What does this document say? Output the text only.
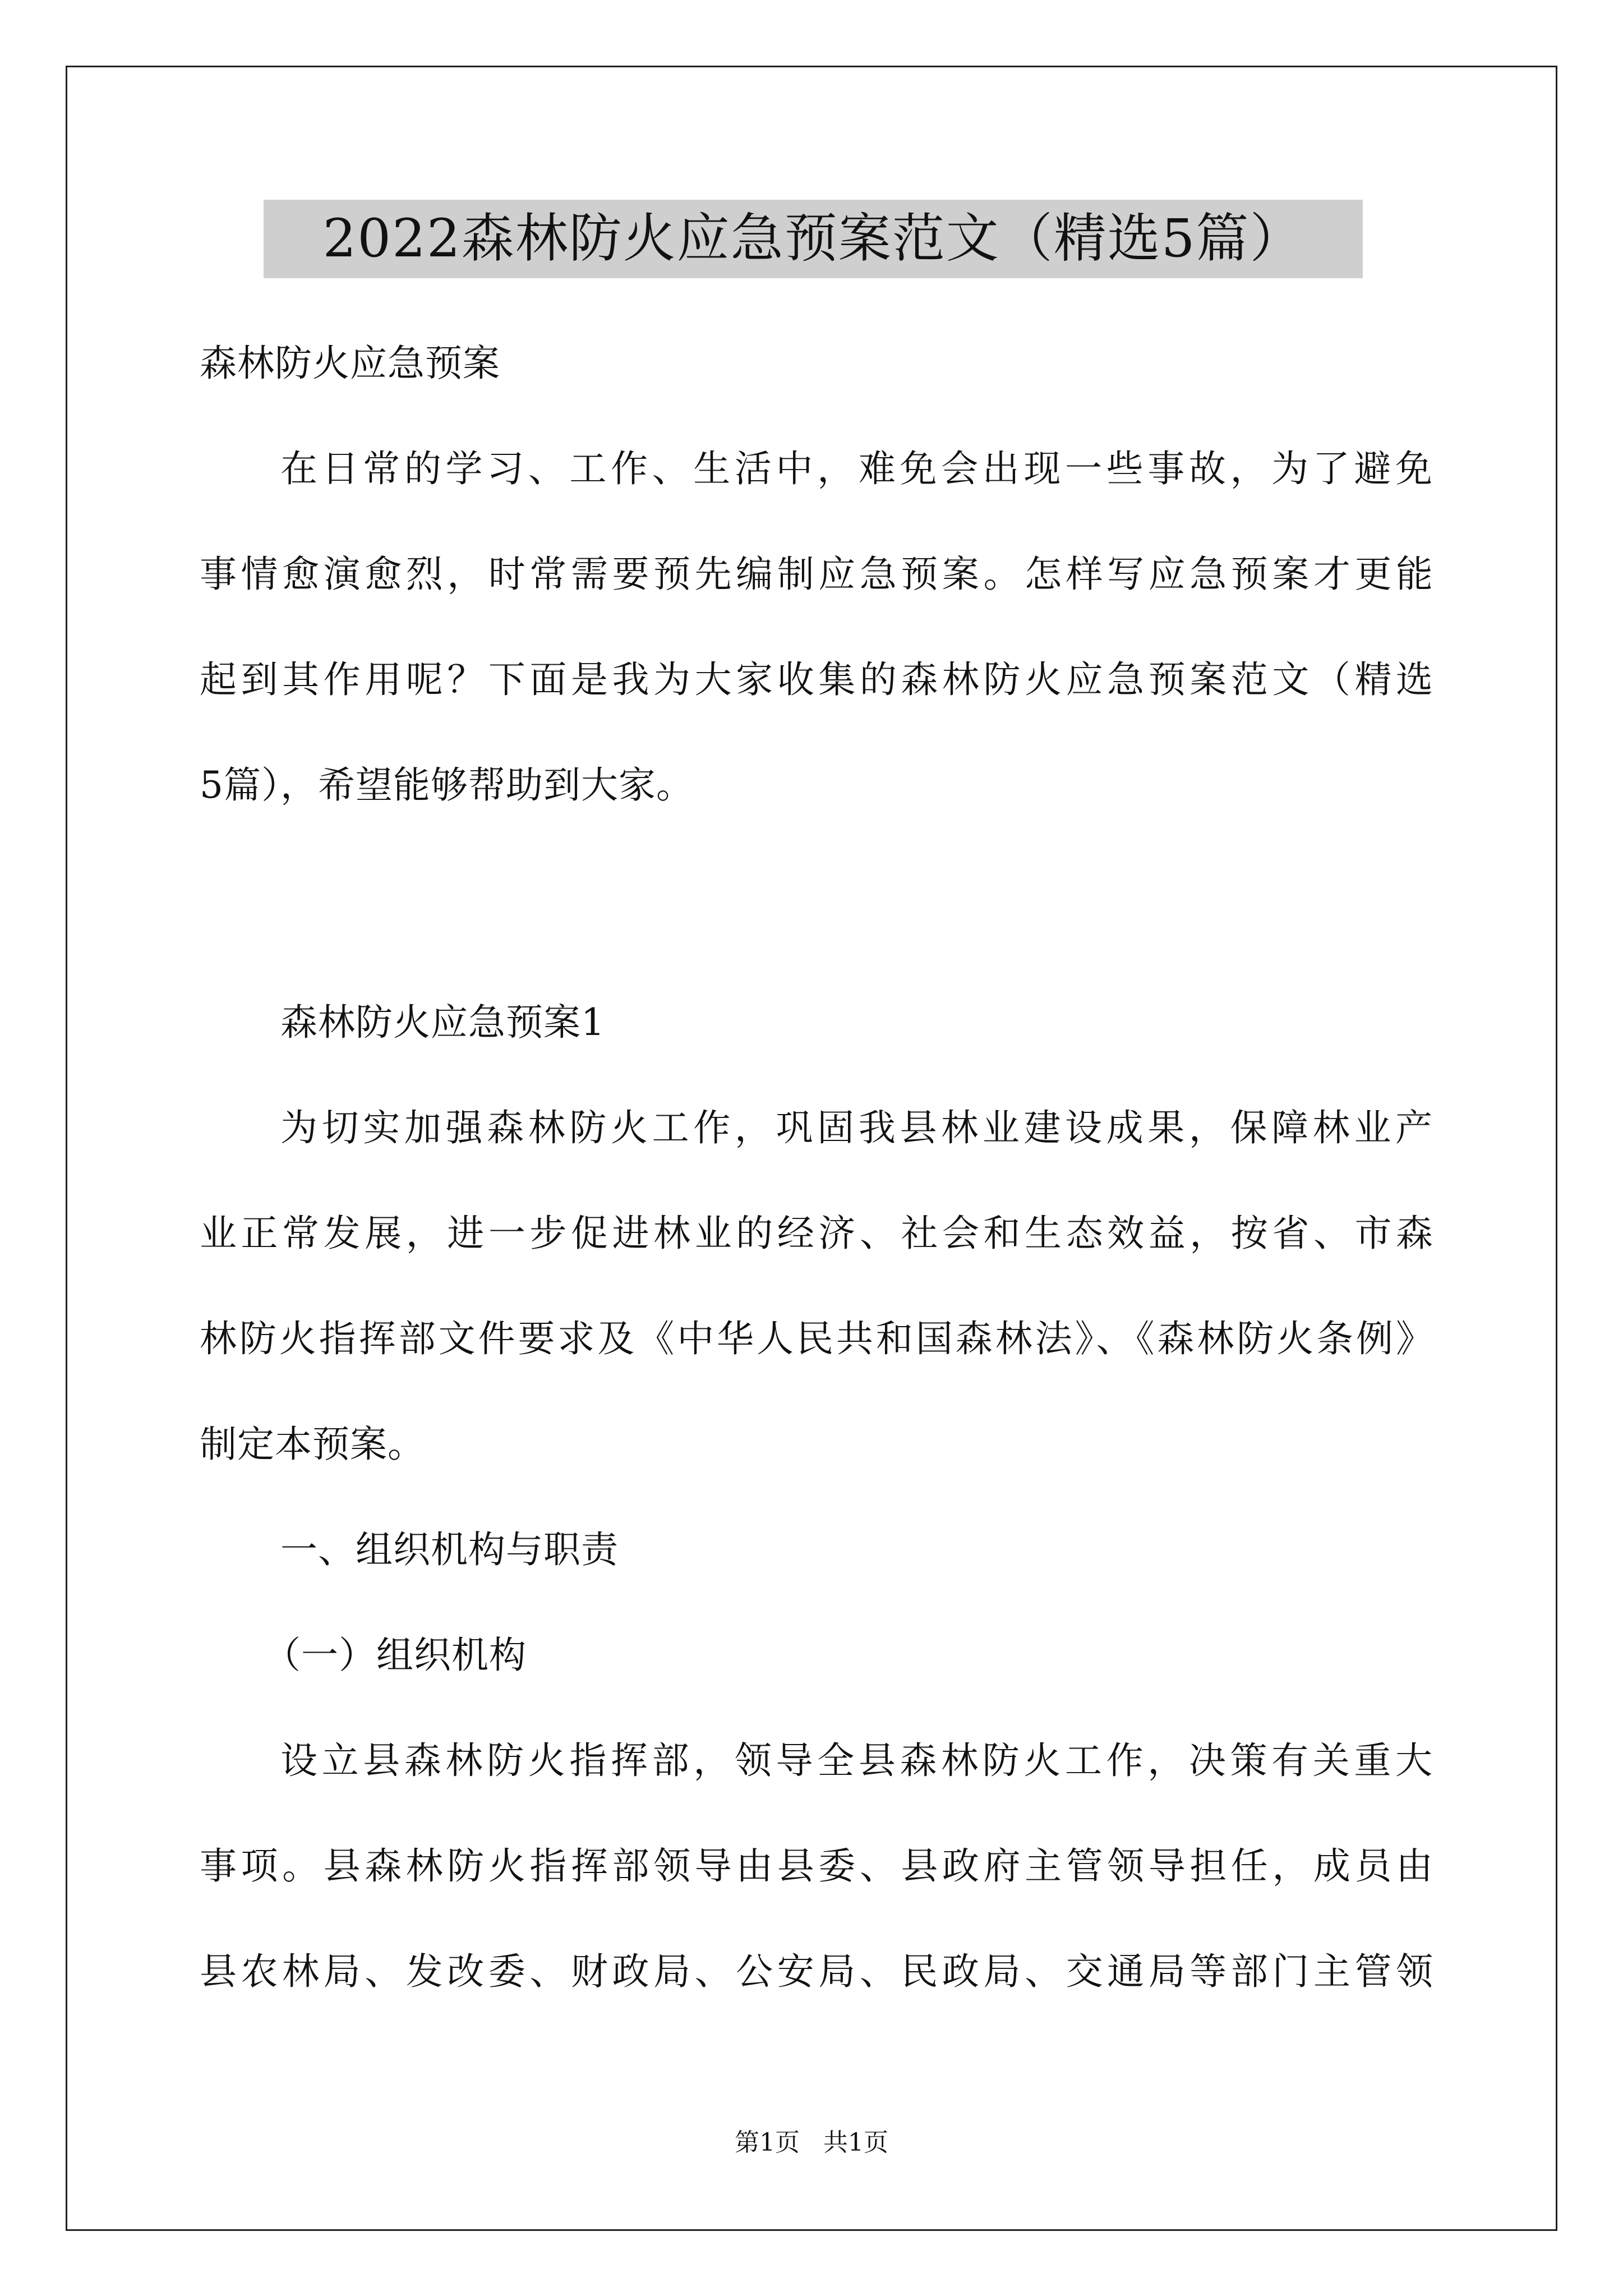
2022森林防火应急预案范文（精选5篇）
森林防火应急预案
在日常的学习、工作、生活中，难免会出现一些事故，为了避免
事情愈演愈烈，时常需要预先编制应急预案。怎样写应急预案才更能
起到其作用呢？下面是我为大家收集的森林防火应急预案范文（精选
5篇），希望能够帮助到大家。
森林防火应急预案1
为切实加强森林防火工作，巩固我县林业建设成果，保障林业产
业正常发展，进一步促进林业的经济、社会和生态效益，按省、市森
林防火指挥部文件要求及《中华人民共和国森林法》、《森林防火条例》
制定本预案。
一、组织机构与职责
（一）组织机构
设立县森林防火指挥部，领导全县森林防火工作，决策有关重大
事项。县森林防火指挥部领导由县委、县政府主管领导担任，成员由
县农林局、发改委、财政局、公安局、民政局、交通局等部门主管领
第1页   共1页
